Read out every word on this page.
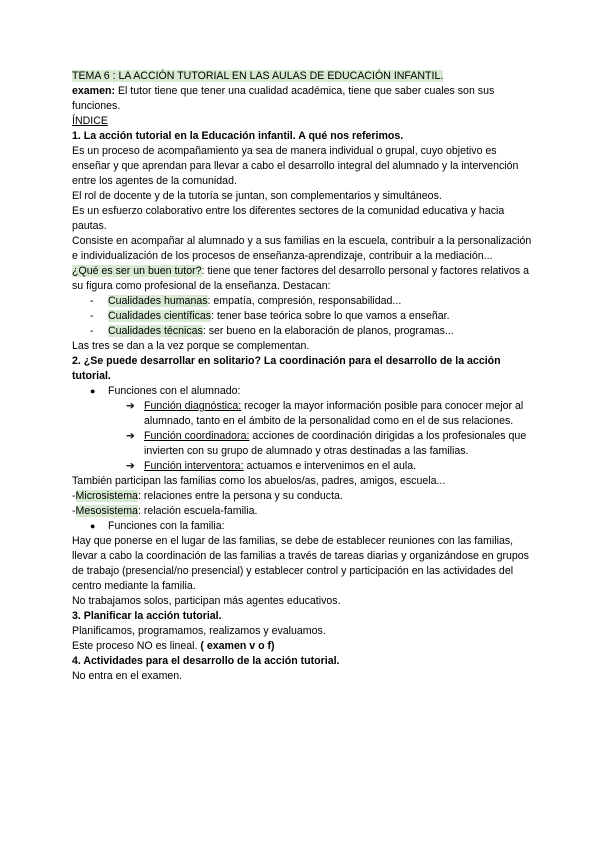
TEMA 6 : LA ACCIÓN TUTORIAL EN LAS AULAS DE EDUCACIÓN INFANTIL.
examen: El tutor tiene que tener una cualidad académica, tiene que saber cuales son sus funciones.
ÍNDICE
1. La acción tutorial en la Educación infantil. A qué nos referimos.
Es un proceso de acompañamiento ya sea de manera individual o grupal, cuyo objetivo es enseñar y que aprendan para llevar a cabo el desarrollo integral del alumnado y la intervención entre los agentes de la comunidad.
El rol de docente y de la tutoría se juntan, son complementarios y simultáneos.
Es un esfuerzo colaborativo entre los diferentes sectores de la comunidad educativa y hacia pautas.
Consiste en acompañar al alumnado y a sus familias en la escuela, contribuir a la personalización e individualización de los procesos de enseñanza-aprendizaje, contribuir a la mediación...
¿Qué es ser un buen tutor?: tiene que tener factores del desarrollo personal y factores relativos a su figura como profesional de la enseñanza. Destacan:
-	Cualidades humanas: empatía, compresión, responsabilidad...
-	Cualidades científicas: tener base teórica sobre lo que vamos a enseñar.
-	Cualidades técnicas: ser bueno en la elaboración de planos, programas...
Las tres se dan a la vez porque se complementan.
2. ¿Se puede desarrollar en solitario? La coordinación para el desarrollo de la acción tutorial.
●	Funciones con el alumnado:
➔ Función diagnóstica: recoger la mayor información posible para conocer mejor al alumnado, tanto en el ámbito de la personalidad como en el de sus relaciones.
➔ Función coordinadora: acciones de coordinación dirigidas a los profesionales que invierten con su grupo de alumnado y otras destinadas a las familias.
➔ Función interventora: actuamos e intervenimos en el aula.
También participan las familias como los abuelos/as, padres, amigos, escuela...
-Microsistema: relaciones entre la persona y su conducta.
-Mesosistema: relación escuela-familia.
●	Funciones con la familia:
Hay que ponerse en el lugar de las familias, se debe de establecer reuniones con las familias, llevar a cabo la coordinación de las familias a través de tareas diarias y organizándose en grupos de trabajo (presencial/no presencial) y establecer control y participación en las actividades del centro mediante la familia.
No trabajamos solos, participan más agentes educativos.
3. Planificar la acción tutorial.
Planificamos, programamos, realizamos y evaluamos.
Este proceso NO es lineal. ( examen v o f)
4. Actividades para el desarrollo de la acción tutorial.
No entra en el examen.
